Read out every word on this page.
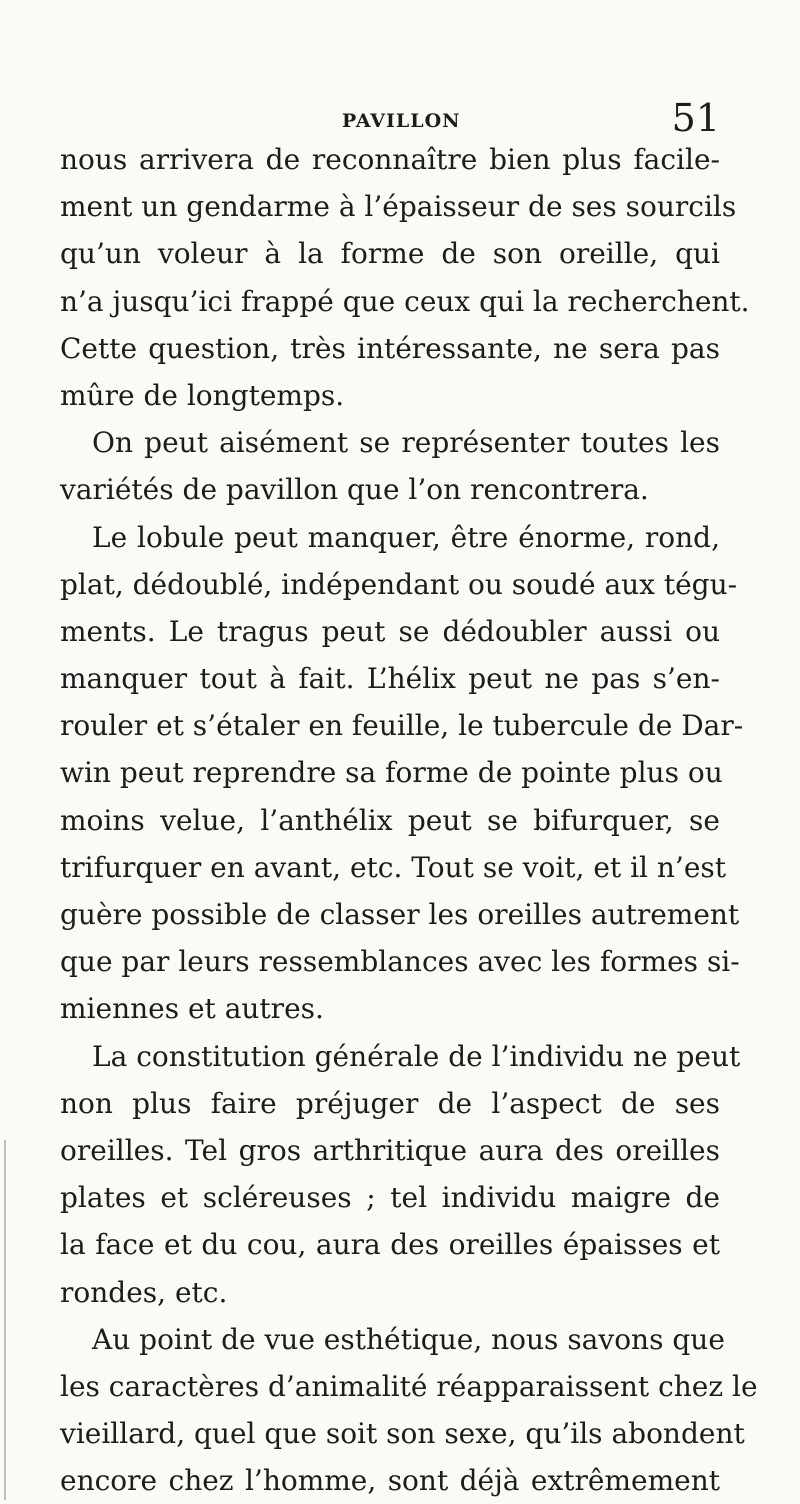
PAVILLON	51
nous arrivera de reconnaître bien plus facile-
ment un gendarme à l’épaisseur de ses sourcils
qu’un voleur à la forme de son oreille, qui
n’a jusqu’ici frappé que ceux qui la recherchent.
Cette question, très intéressante, ne sera pas
mûre de longtemps.
On peut aisément se représenter toutes les
variétés de pavillon que l’on rencontrera.
Le lobule peut manquer, être énorme, rond,
plat, dédoublé, indépendant ou soudé aux tégu-
ments. Le tragus peut se dédoubler aussi ou
manquer tout à fait. L’hélix peut ne pas s’en-
rouler et s’étaler en feuille, le tubercule de Dar-
win peut reprendre sa forme de pointe plus ou
moins velue, l’anthélix peut se bifurquer, se
trifurquer en avant, etc. Tout se voit, et il n’est
guère possible de classer les oreilles autrement
que par leurs ressemblances avec les formes si-
miennes et autres.
La constitution générale de l’individu ne peut
non plus faire préjuger de l’aspect de ses
oreilles. Tel gros arthritique aura des oreilles
plates et scléreuses ; tel individu maigre de
la face et du cou, aura des oreilles épaisses et
rondes, etc.
Au point de vue esthétique, nous savons que
les caractères d’animalité réapparaissent chez le
vieillard, quel que soit son sexe, qu’ils abondent
encore chez l’homme, sont déjà extrêmement
